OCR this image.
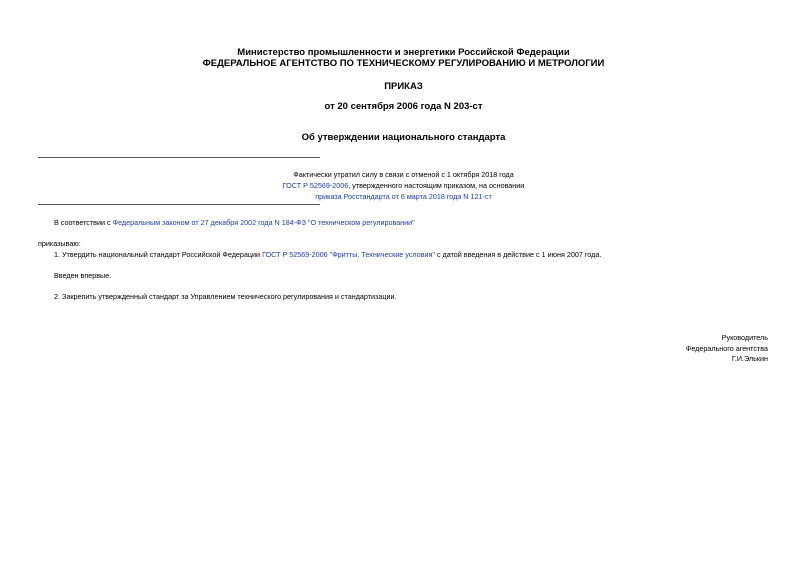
Министерство промышленности и энергетики Российской Федерации
ФЕДЕРАЛЬНОЕ АГЕНТСТВО ПО ТЕХНИЧЕСКОМУ РЕГУЛИРОВАНИЮ И МЕТРОЛОГИИ
ПРИКАЗ
от 20 сентября 2006 года N 203-ст
Об утверждении национального стандарта
Фактически утратил силу в связи с отменой с 1 октября 2018 года
ГОСТ Р 52569-2006, утвержденного настоящим приказом, на основании
приказа Росстандарта от 6 марта 2018 года N 121-ст
В соответствии с Федеральным законом от 27 декабря 2002 года N 184-ФЗ "О техническом регулировании"
приказываю:
1. Утвердить национальный стандарт Российской Федерации ГОСТ Р 52569-2006 "Фритты. Технические условия" с датой введения в действие с 1 июня 2007 года.
Введен впервые.
2. Закрепить утвержденный стандарт за Управлением технического регулирования и стандартизации.
Руководитель
Федерального агентства
Г.И.Элькин
